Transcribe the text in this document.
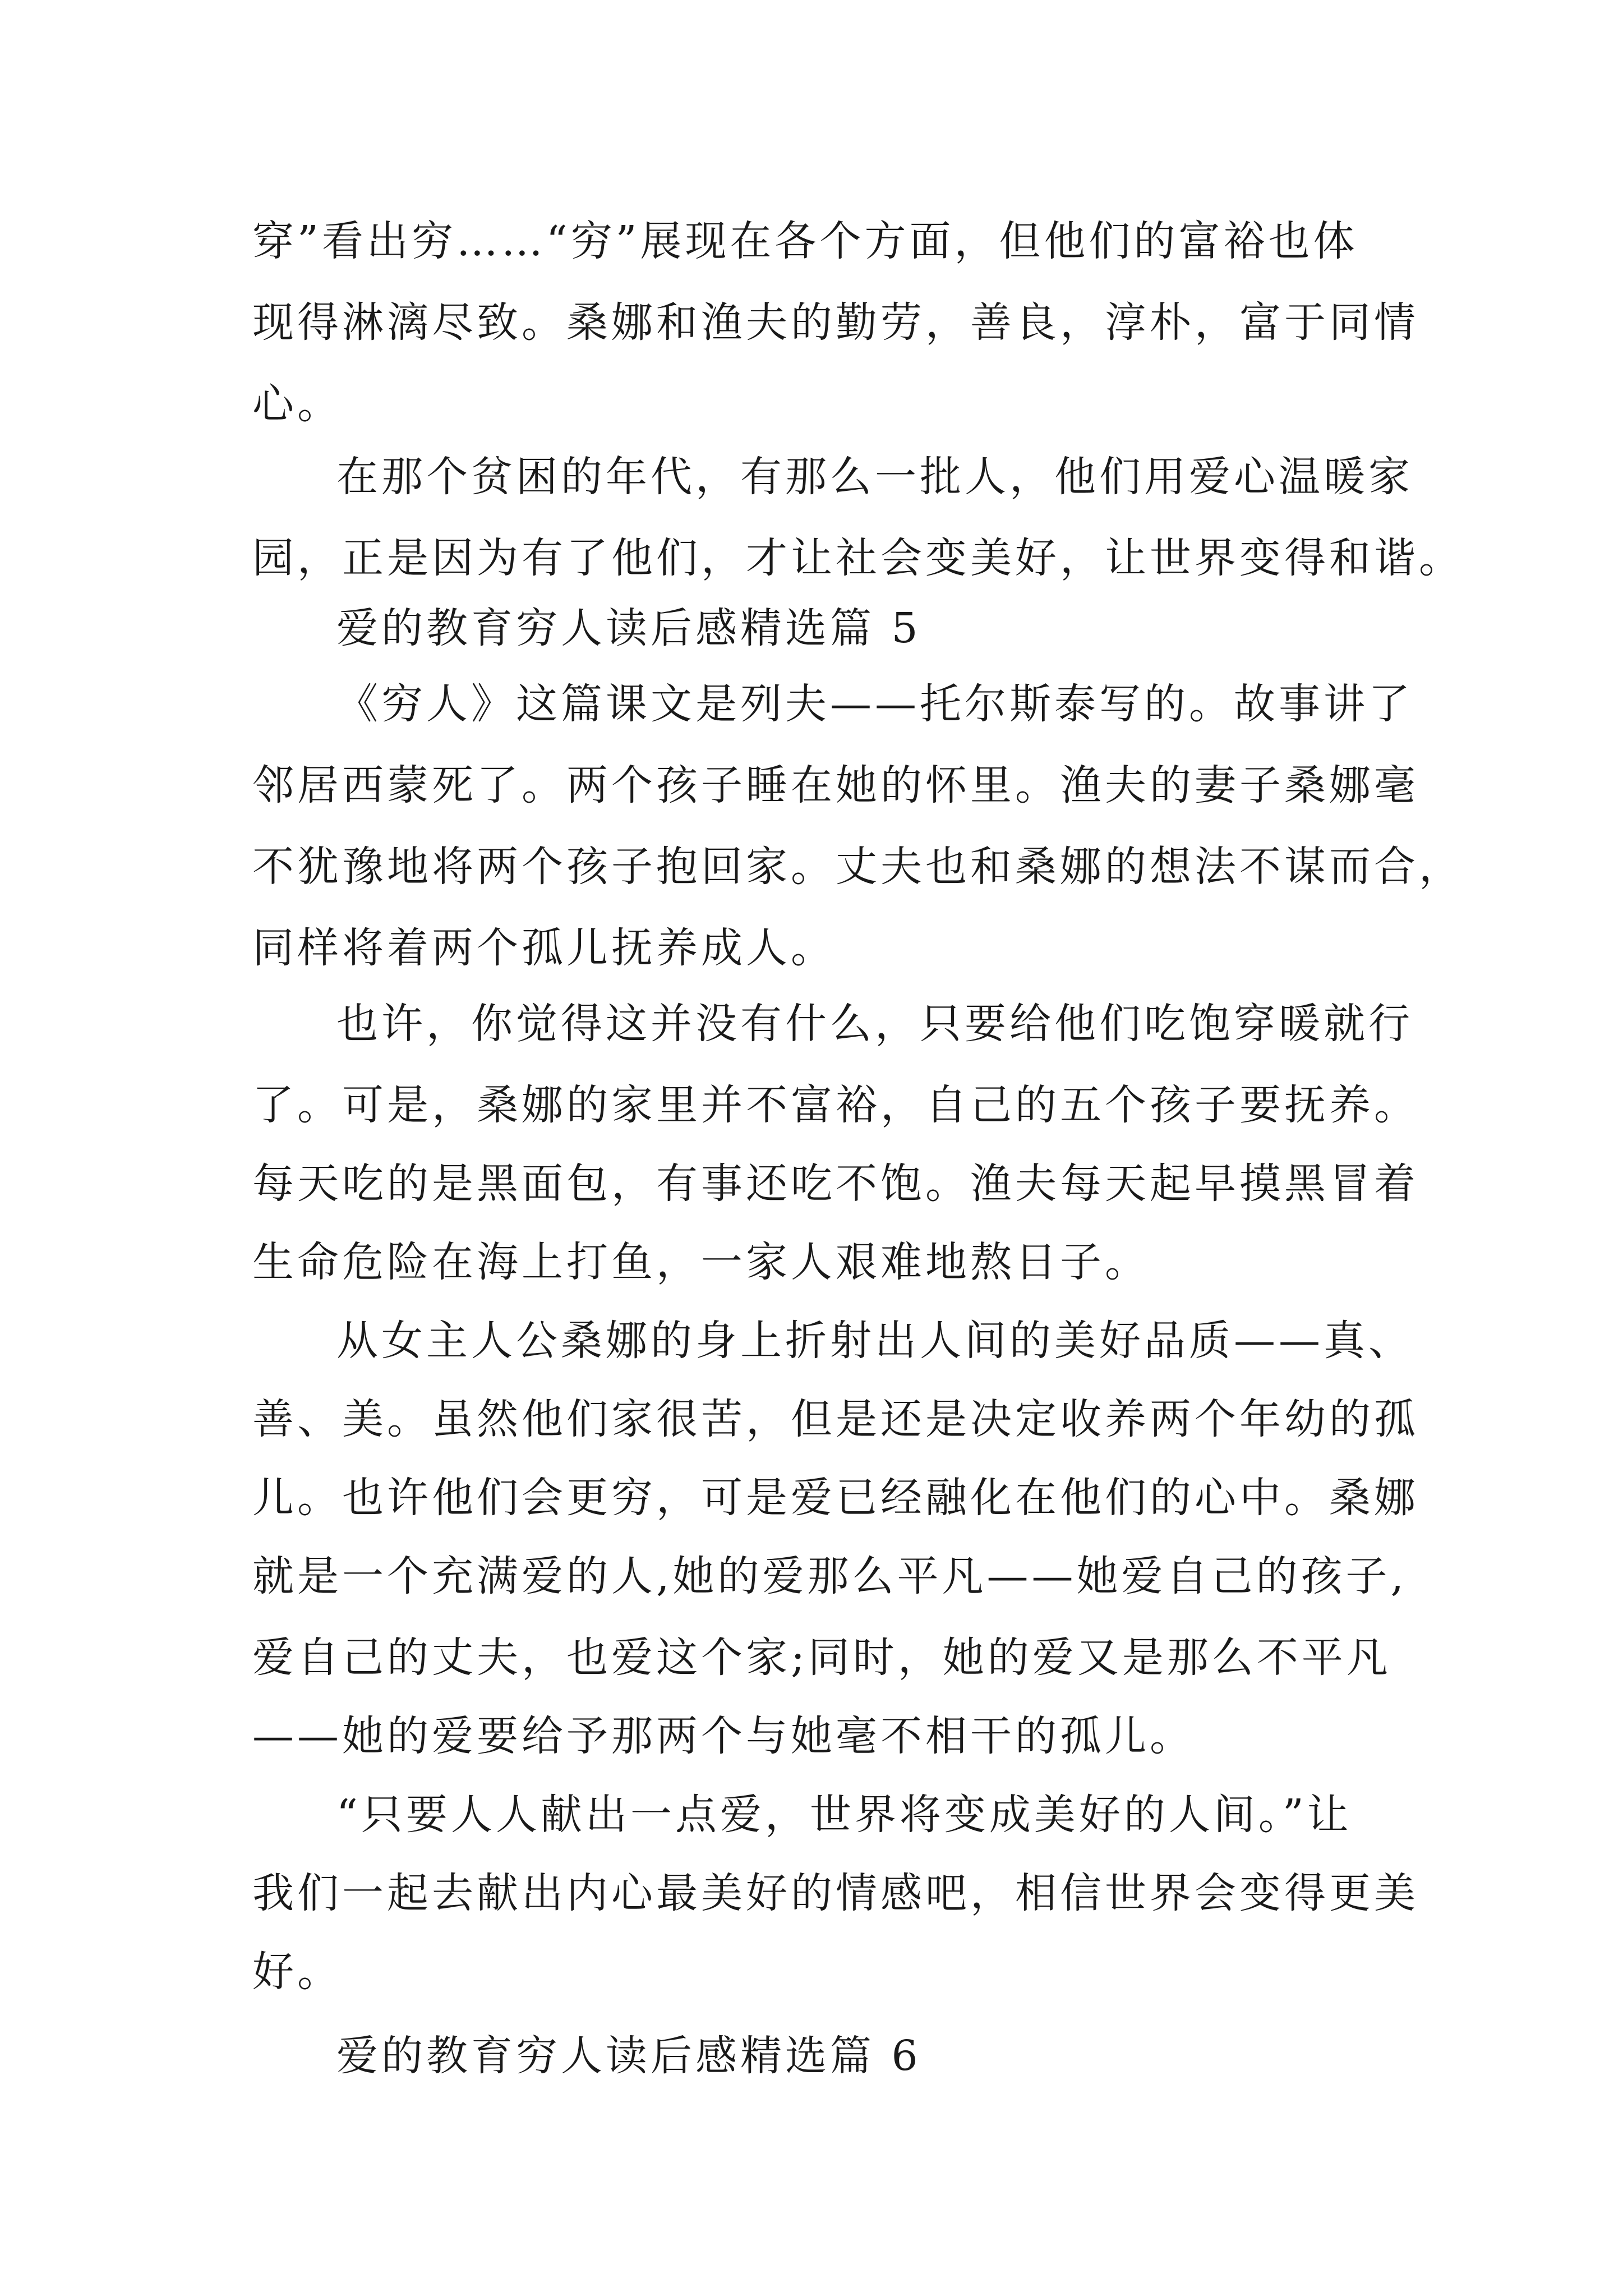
穿”看出穷……“穷”展现在各个方面，但他们的富裕也体
现得淋漓尽致。桑娜和渔夫的勤劳，善良，淳朴，富于同情
心。
在那个贫困的年代，有那么一批人，他们用爱心温暖家
园，正是因为有了他们，才让社会变美好，让世界变得和谐。
爱的教育穷人读后感精选篇 5
《穷人》这篇课文是列夫——托尔斯泰写的。故事讲了
邻居西蒙死了。两个孩子睡在她的怀里。渔夫的妻子桑娜毫
不犹豫地将两个孩子抱回家。丈夫也和桑娜的想法不谋而合，
同样将着两个孤儿抚养成人。
也许，你觉得这并没有什么，只要给他们吃饱穿暖就行
了。可是，桑娜的家里并不富裕，自己的五个孩子要抚养。
每天吃的是黑面包，有事还吃不饱。渔夫每天起早摸黑冒着
生命危险在海上打鱼，一家人艰难地熬日子。
从女主人公桑娜的身上折射出人间的美好品质——真、
善、美。虽然他们家很苦，但是还是决定收养两个年幼的孤
儿。也许他们会更穷，可是爱已经融化在他们的心中。桑娜
就是一个充满爱的人,她的爱那么平凡——她爱自己的孩子,
爱自己的丈夫，也爱这个家;同时，她的爱又是那么不平凡
——她的爱要给予那两个与她毫不相干的孤儿。
“只要人人献出一点爱，世界将变成美好的人间。”让
我们一起去献出内心最美好的情感吧，相信世界会变得更美
好。
爱的教育穷人读后感精选篇 6
